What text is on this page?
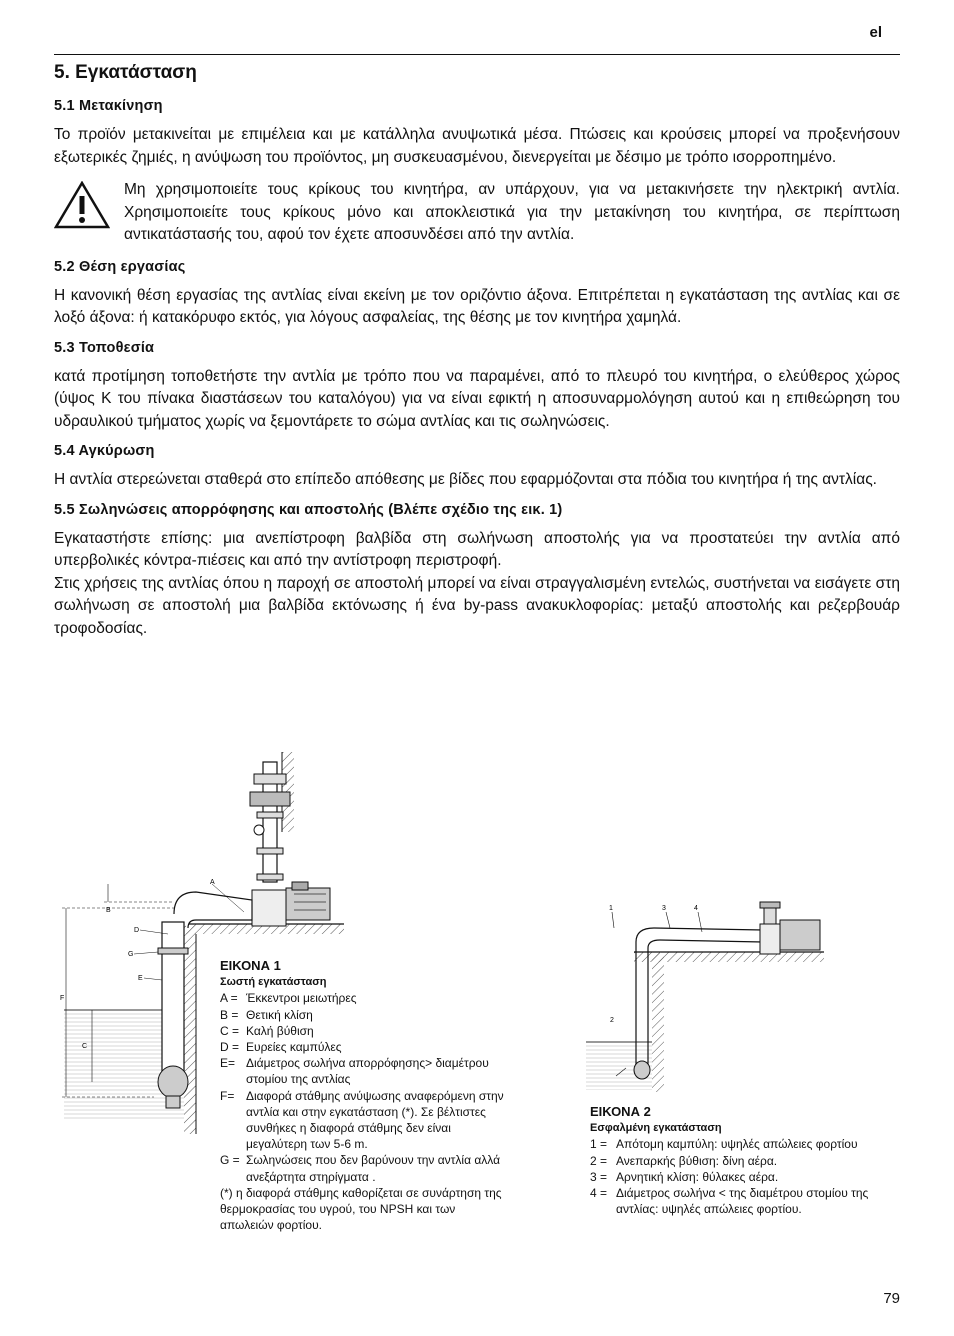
el
5. Εγκατάσταση
5.1 Μετακίνηση

Το προϊόν μετακινείται με επιμέλεια και με κατάλληλα ανυψωτικά μέσα. Πτώσεις και κρούσεις μπορεί να προξενήσουν εξωτερικές ζημιές, η ανύψωση του προϊόντος, μη συσκευασμένου, διενεργείται με δέσιμο με τρόπο ισορροπημένο.

Μη χρησιμοποιείτε τους κρίκους του κινητήρα, αν υπάρχουν, για να μετακινήσετε την ηλεκτρική αντλία. Χρησιμοποιείτε τους κρίκους μόνο και αποκλειστικά για την μετακίνηση του κινητήρα, σε περίπτωση αντικατάστασής του, αφού τον έχετε αποσυνδέσει από την αντλία.

5.2 Θέση εργασίας

Η κανονική θέση εργασίας της αντλίας είναι εκείνη με τον οριζόντιο άξονα. Επιτρέπεται η εγκατάσταση της αντλίας και σε λοξό άξονα: ή κατακόρυφο εκτός, για λόγους ασφαλείας, της θέσης με τον κινητήρα χαμηλά.

5.3 Τοποθεσία

κατά προτίμηση τοποθετήστε την αντλία με τρόπο που να παραμένει, από το πλευρό του κινητήρα, ο ελεύθερος χώρος (ύψος K του πίνακα διαστάσεων του καταλόγου) για να είναι εφικτή η αποσυναρμολόγηση αυτού και η επιθεώρηση του υδραυλικού τμήματος χωρίς να ξεμοντάρετε το σώμα αντλίας και τις σωληνώσεις.

5.4 Αγκύρωση

Η αντλία στερεώνεται σταθερά στο επίπεδο απόθεσης με βίδες που εφαρμόζονται στα πόδια του κινητήρα ή της αντλίας.

5.5 Σωληνώσεις απορρόφησης και αποστολής (Βλέπε σχέδιο της εικ. 1)

Εγκαταστήστε επίσης: μια ανεπίστροφη βαλβίδα στη σωλήνωση αποστολής για να προστατεύει την αντλία από υπερβολικές κόντρα-πιέσεις και από την αντίστροφη περιστροφή.

Στις χρήσεις της αντλίας όπου η παροχή σε αποστολή μπορεί να είναι στραγγαλισμένη εντελώς, συστήνεται να εισάγετε στη σωλήνωση σε αποστολή μια βαλβίδα εκτόνωσης ή ένα by-pass ανακυκλοφορίας: μεταξύ αποστολής και ρεζερβουάρ τροφοδοσίας.

A
B
D
G
E
F
C
1	3	4
2
ΕΙΚΟΝΑ 1
Σωστή εγκατάσταση
A = Έκκεντροι μειωτήρες
B = Θετική κλίση
C = Καλή βύθιση
D = Ευρείες καμπύλες
E= Διάμετρος σωλήνα απορρόφησης> διαμέτρου στομίου της αντλίας
F= Διαφορά στάθμης ανύψωσης αναφερόμενη στην αντλία και στην εγκατάσταση (*). Σε βέλτιστες συνθήκες η διαφορά στάθμης δεν είναι μεγαλύτερη των 5-6 m.
G = Σωληνώσεις που δεν βαρύνουν την αντλία αλλά ανεξάρτητα στηρίγματα .
(*) η διαφορά στάθμης καθορίζεται σε συνάρτηση της θερμοκρασίας του υγρού, του NPSH και των απωλειών φορτίου.
ΕΙΚΟΝΑ 2
Εσφαλμένη εγκατάσταση
1 = Απότομη καμπύλη: υψηλές απώλειες φορτίου
2 = Ανεπαρκής βύθιση: δίνη αέρα.
3 = Αρνητική κλίση: θύλακες αέρα.
4 = Διάμετρος σωλήνα < της διαμέτρου στομίου της αντλίας: υψηλές απώλειες φορτίου.
79
